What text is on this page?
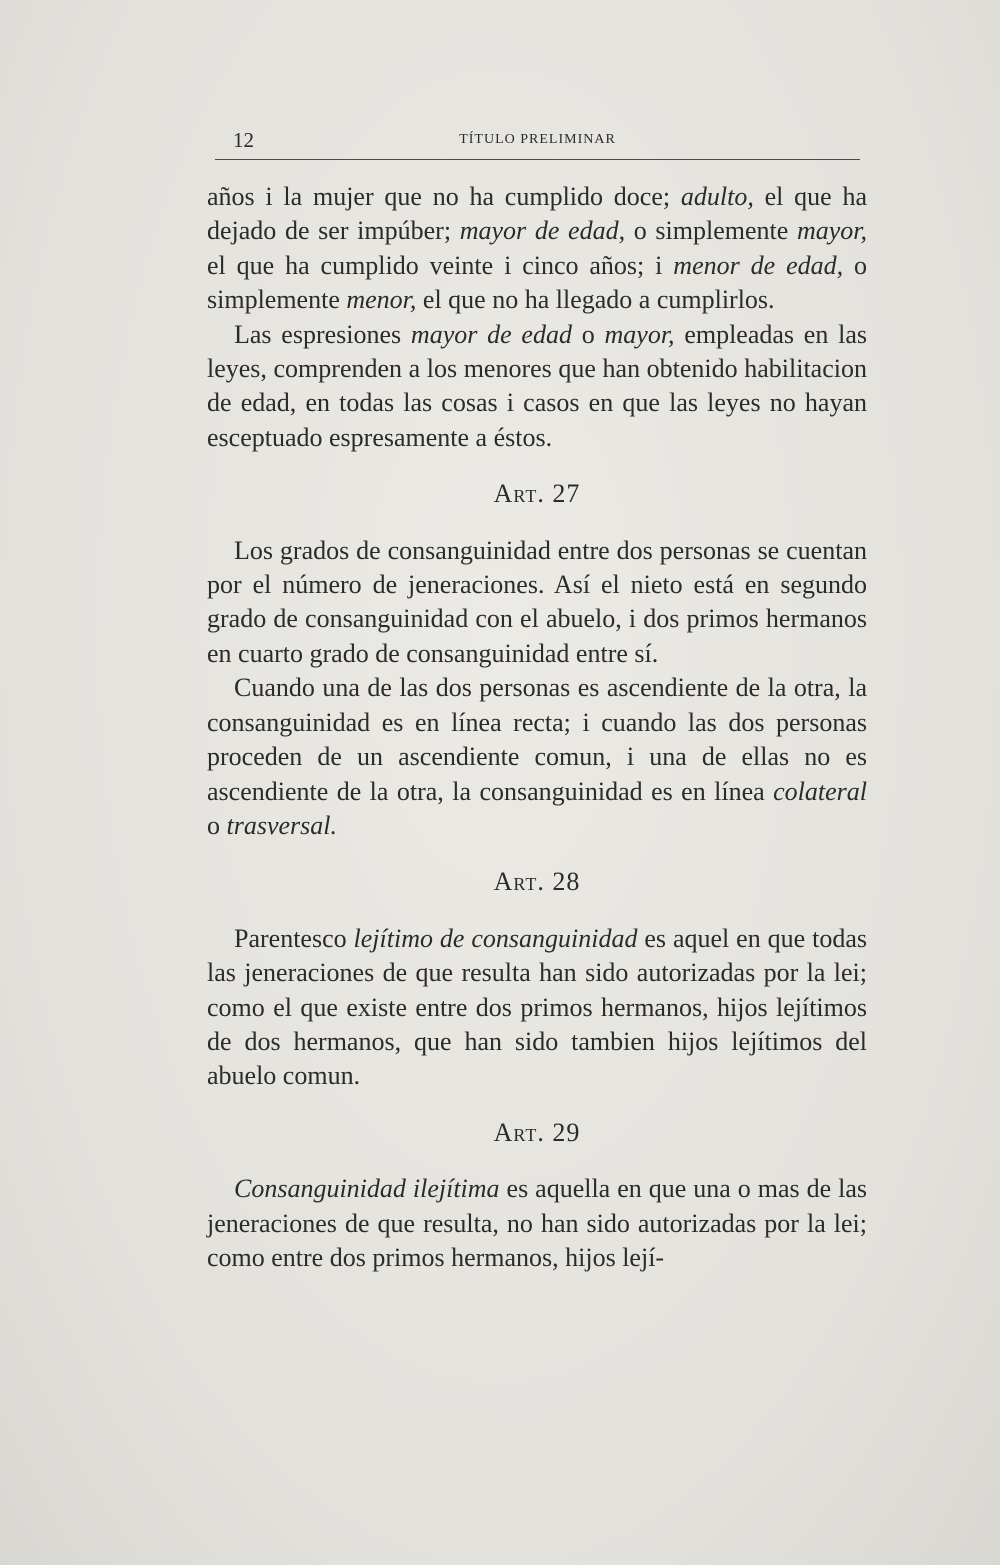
12	TÍTULO PRELIMINAR

años i la mujer que no ha cumplido doce; adulto, el que ha dejado de ser impúber; mayor de edad, o simplemente mayor, el que ha cumplido veinte i cinco años; i menor de edad, o simplemente menor, el que no ha llegado a cumplirlos.

Las espresiones mayor de edad o mayor, empleadas en las leyes, comprenden a los menores que han obtenido habilitacion de edad, en todas las cosas i casos en que las leyes no hayan esceptuado espresamente a éstos.

Art. 27

Los grados de consanguinidad entre dos personas se cuentan por el número de jeneraciones. Así el nieto está en segundo grado de consanguinidad con el abuelo, i dos primos hermanos en cuarto grado de consanguinidad entre sí.

Cuando una de las dos personas es ascendiente de la otra, la consanguinidad es en línea recta; i cuando las dos personas proceden de un ascendiente comun, i una de ellas no es ascendiente de la otra, la consanguinidad es en línea colateral o trasversal.

Art. 28

Parentesco lejítimo de consanguinidad es aquel en que todas las jeneraciones de que resulta han sido autorizadas por la lei; como el que existe entre dos primos hermanos, hijos lejítimos de dos hermanos, que han sido tambien hijos lejítimos del abuelo comun.

Art. 29

Consanguinidad ilejítima es aquella en que una o mas de las jeneraciones de que resulta, no han sido autorizadas por la lei; como entre dos primos hermanos, hijos lejí-
